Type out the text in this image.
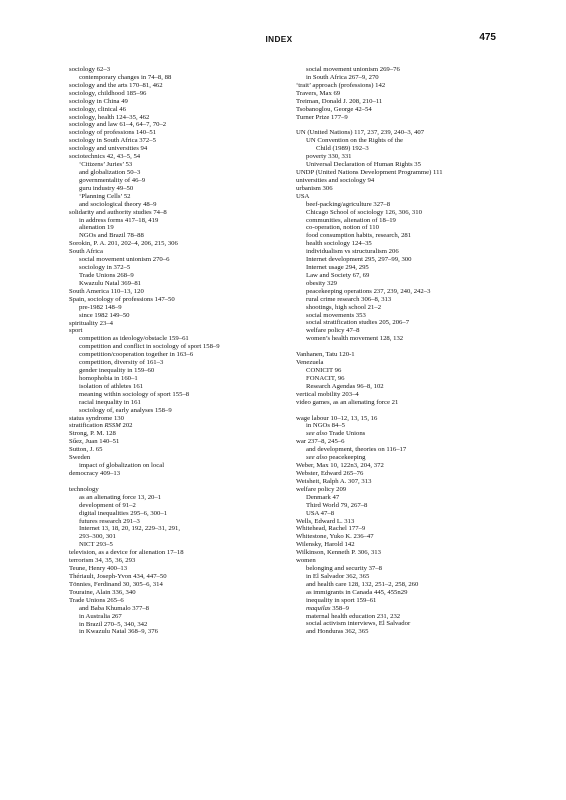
INDEX	475
sociology 62–3
contemporary changes in 74–8, 88
sociology and the arts 170–81, 462
sociology, childhood 185–96
sociology in China 49
sociology, clinical 46
sociology, health 124–35, 462
sociology and law 61–4, 64–7, 70–2
sociology of professions 140–51
sociology in South Africa 372–5
sociology and universities 94
sociotechnics 42, 43–5, 54
‘Citizens’ Juries’ 53
and globalization 50–3
governmentality of 46–9
guru industry 49–50
‘Planning Cells’ 52
and sociological theory 48–9
solidarity and authority studies 74–8
in address forms 417–18, 419
alienation 19
NGOs and Brazil 78–88
Sorokin, P. A. 201, 202–4, 206, 215, 306
South Africa
social movement unionism 270–6
sociology in 372–5
Trade Unions 268–9
Kwazulu Natal 369–81
South America 110–13, 120
Spain, sociology of professions 147–50
pre-1982 148–9
since 1982 149–50
spirituality 23–4
sport
competition as ideology/obstacle 159–61
competition and conflict in sociology of sport 158–9
competition/cooperation together in 163–6
competition, diversity of 161–3
gender inequality in 159–60
homophobia in 160–1
isolation of athletes 161
meaning within sociology of sport 155–8
racial inequality in 161
sociology of, early analyses 158–9
status syndrome 130
stratification RSSM 202
Strong, P. M. 128
Sűez, Juan 140–51
Sutton, J. 65
Sweden
impact of globalization on local
democracy 409–13
technology
as an alienating force 13, 20–1
development of 91–2
digital inequalities 295–6, 300–1
futures research 291–3
Internet 13, 18, 20, 192, 229–31, 291,
293–300, 301
NICT 293–5
television, as a device for alienation 17–18
terrorism 34, 35, 36, 293
Teune, Henry 400–13
Thériault, Joseph-Yvon 434, 447–50
Tönnies, Ferdinand 30, 305–6, 314
Touraine, Alain 336, 340
Trade Unions 265–6
and Baba Khumalo 377–8
in Australia 267
in Brazil 270–5, 340, 342
in Kwazulu Natal 368–9, 376
social movement unionism 269–76
in South Africa 267–9, 270
‘trait’ approach (professions) 142
Travers, Max 69
Treiman, Donald J. 208, 210–11
Tsobanoglou, George 42–54
Turner Prize 177–9
UN (United Nations) 117, 237, 239, 240–3, 407
UN Convention on the Rights of the
Child (1989) 192–3
poverty 330, 331
Universal Declaration of Human Rights 35
UNDP (United Nations Development Programme) 111
universities and sociology 94
urbanism 306
USA
beef-packing/agriculture 327–8
Chicago School of sociology 126, 306, 310
communities, alienation of 18–19
co-operation, notion of 110
food consumption habits, research, 281
health sociology 124–35
individualism vs structuralism 206
Internet development 295, 297–99, 300
Internet usage 294, 295
Law and Society 67, 69
obesity 329
peacekeeping operations 237, 239, 240, 242–3
rural crime research 306–8, 313
shootings, high school 21–2
social movements 353
social stratification studies 205, 206–7
welfare policy 47–8
women’s health movement 128, 132
Vanhanen, Tatu 120-1
Venezuela
CONICIT 96
FONACIT, 96
Research Agendas 96–8, 102
vertical mobility 203–4
video games, as an alienating force 21
wage labour 10–12, 13, 15, 16
in NGOs 84–5
see also Trade Unions
war 237–8, 245–6
and development, theories on 116–17
see also peacekeeping
Weber, Max 10, 122n3, 204, 372
Webster, Edward 265–76
Weisheit, Ralph A. 307, 313
welfare policy 209
Denmark 47
Third World 79, 267–8
USA 47–8
Wells, Edward L. 313
Whitehead, Rachel 177–9
Whitestone, Yuko K. 236–47
Wilensky, Harold 142
Wilkinson, Kenneth P. 306, 313
women
belonging and security 37–8
in El Salvador 362, 365
and health care 128, 132, 251–2, 258, 260
as immigrants in Canada 445, 455n29
inequality in sport 159–61
maquilas 358–9
maternal health education 231, 232
social activism interviews, El Salvador
and Honduras 362, 365
